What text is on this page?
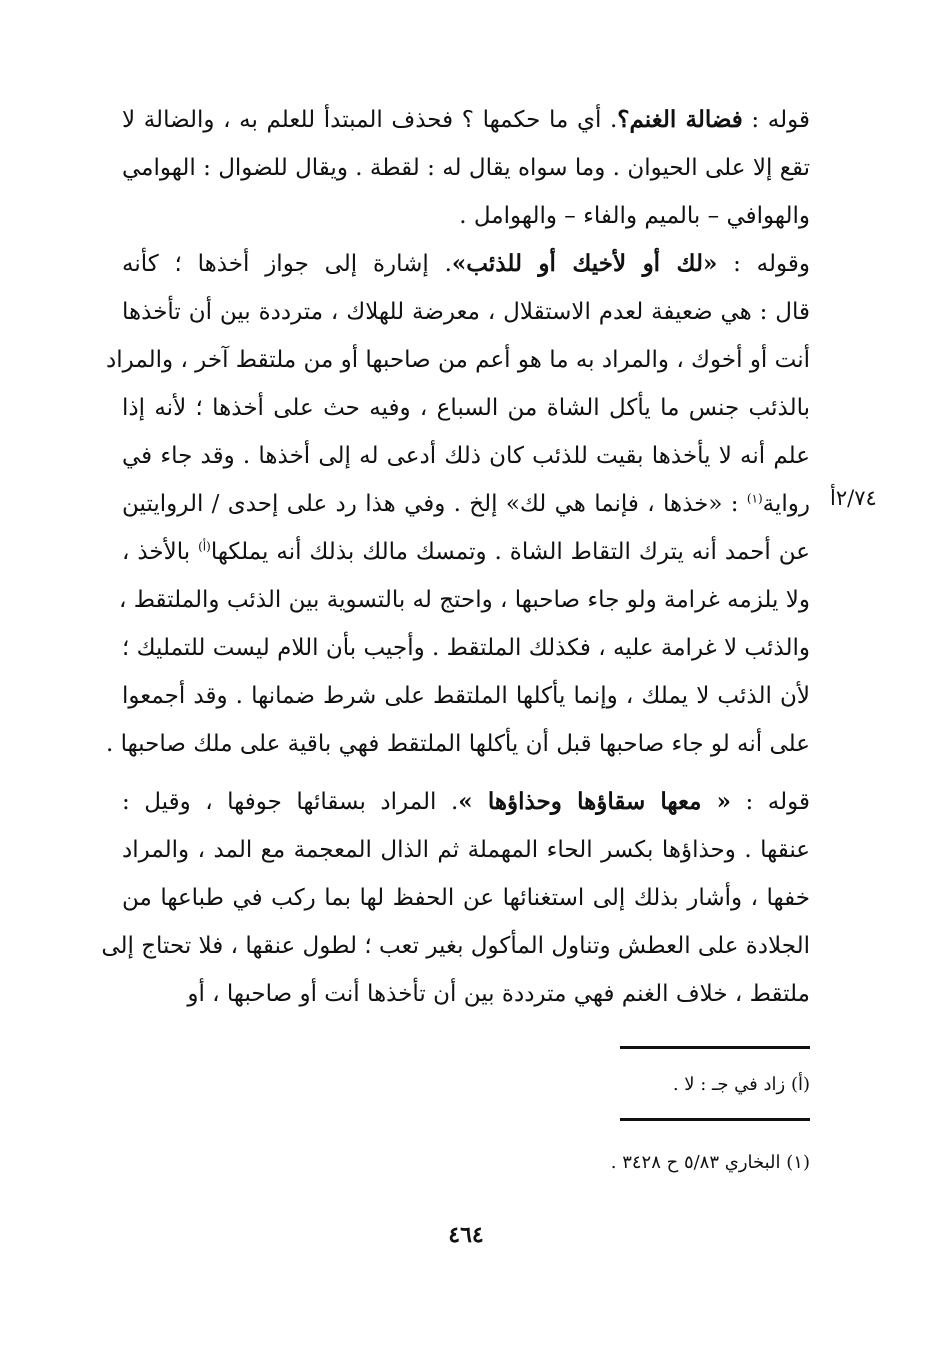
قوله : فضالة الغنم؟. أي ما حكمها ؟ فحذف المبتدأ للعلم به ، والضالة لا
تقع إلا على الحيوان . وما سواه يقال له : لقطة . ويقال للضوال : الهوامي
والهوافي – بالميم والفاء – والهوامل .
وقوله : «لك أو لأخيك أو للذئب». إشارة إلى جواز أخذها ؛ كأنه
قال : هي ضعيفة لعدم الاستقلال ، معرضة للهلاك ، مترددة بين أن تأخذها
أنت أو أخوك ، والمراد به ما هو أعم من صاحبها أو من ملتقط آخر ، والمراد
بالذئب جنس ما يأكل الشاة من السباع ، وفيه حث على أخذها ؛ لأنه إذا
علم أنه لا يأخذها بقيت للذئب كان ذلك أدعى له إلى أخذها . وقد جاء في
رواية$^{(١)}$ : «خذها ، فإنما هي لك» إلخ . وفي هذا رد على إحدى / الروايتين
عن أحمد أنه يترك التقاط الشاة . وتمسك مالك بذلك أنه يملكها$^{(أ)}$ بالأخذ ،
ولا يلزمه غرامة ولو جاء صاحبها ، واحتج له بالتسوية بين الذئب والملتقط ،
والذئب لا غرامة عليه ، فكذلك الملتقط . وأجيب بأن اللام ليست للتمليك ؛
لأن الذئب لا يملك ، وإنما يأكلها الملتقط على شرط ضمانها . وقد أجمعوا
على أنه لو جاء صاحبها قبل أن يأكلها الملتقط فهي باقية على ملك صاحبها .
قوله : « معها سقاؤها وحذاؤها ». المراد بسقائها جوفها ، وقيل :
عنقها . وحذاؤها بكسر الحاء المهملة ثم الذال المعجمة مع المد ، والمراد
خفها ، وأشار بذلك إلى استغنائها عن الحفظ لها بما ركب في طباعها من
الجلادة على العطش وتناول المأكول بغير تعب ؛ لطول عنقها ، فلا تحتاج إلى
ملتقط ، خلاف الغنم فهي مترددة بين أن تأخذها أنت أو صاحبها ، أو
٢/٧٤أ
(أ) زاد في جـ : لا .
(١) البخاري ٥/٨٣ ح ٣٤٢٨ .
٤٦٤
